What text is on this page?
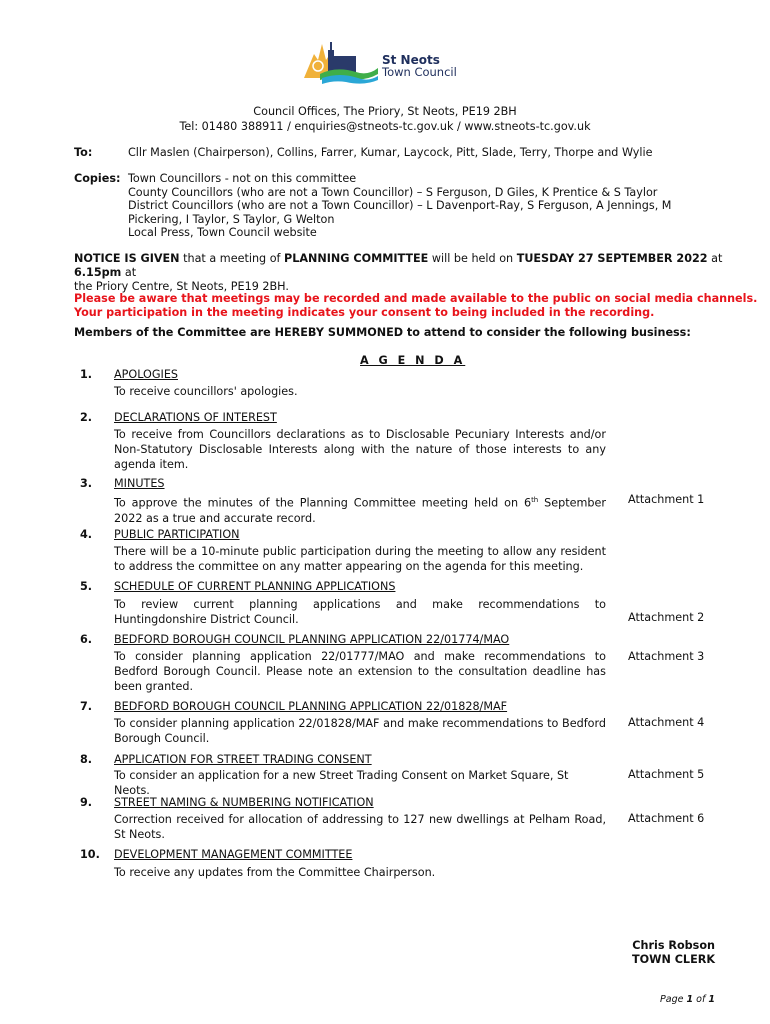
St Neots
Town Council
Council Offices, The Priory, St Neots, PE19 2BH
Tel: 01480 388911 / enquiries@stneots-tc.gov.uk / www.stneots-tc.gov.uk
To:	Cllr Maslen (Chairperson), Collins, Farrer, Kumar, Laycock, Pitt, Slade, Terry, Thorpe and Wylie
Copies: Town Councillors - not on this committee
County Councillors (who are not a Town Councillor) – S Ferguson, D Giles, K Prentice & S Taylor
District Councillors (who are not a Town Councillor) – L Davenport-Ray, S Ferguson, A Jennings, M
Pickering, I Taylor, S Taylor, G Welton
Local Press, Town Council website
NOTICE IS GIVEN that a meeting of PLANNING COMMITTEE will be held on TUESDAY 27 SEPTEMBER 2022 at 6.15pm at
the Priory Centre, St Neots, PE19 2BH.
Please be aware that meetings may be recorded and made available to the public on social media channels.
Your participation in the meeting indicates your consent to being included in the recording.
Members of the Committee are HEREBY SUMMONED to attend to consider the following business:
A G E N D A
1. APOLOGIES
To receive councillors' apologies.
2. DECLARATIONS OF INTEREST
To receive from Councillors declarations as to Disclosable Pecuniary Interests and/or Non-Statutory Disclosable Interests along with the nature of those interests to any agenda item.
3. MINUTES
To approve the minutes of the Planning Committee meeting held on 6th September 2022 as a true and accurate record.
Attachment 1
4. PUBLIC PARTICIPATION
There will be a 10-minute public participation during the meeting to allow any resident to address the committee on any matter appearing on the agenda for this meeting.
5. SCHEDULE OF CURRENT PLANNING APPLICATIONS
To review current planning applications and make recommendations to Huntingdonshire District Council.	Attachment 2
6. BEDFORD BOROUGH COUNCIL PLANNING APPLICATION 22/01774/MAO
To consider planning application 22/01777/MAO and make recommendations to Bedford Borough Council. Please note an extension to the consultation deadline has been granted.
Attachment 3
7. BEDFORD BOROUGH COUNCIL PLANNING APPLICATION 22/01828/MAF
To consider planning application 22/01828/MAF and make recommendations to Bedford Borough Council.
Attachment 4
8. APPLICATION FOR STREET TRADING CONSENT
To consider an application for a new Street Trading Consent on Market Square, St Neots.
Attachment 5
9. STREET NAMING & NUMBERING NOTIFICATION
Correction received for allocation of addressing to 127 new dwellings at Pelham Road, St Neots.
Attachment 6
10. DEVELOPMENT MANAGEMENT COMMITTEE
To receive any updates from the Committee Chairperson.
Chris Robson
TOWN CLERK
Page 1 of 1
